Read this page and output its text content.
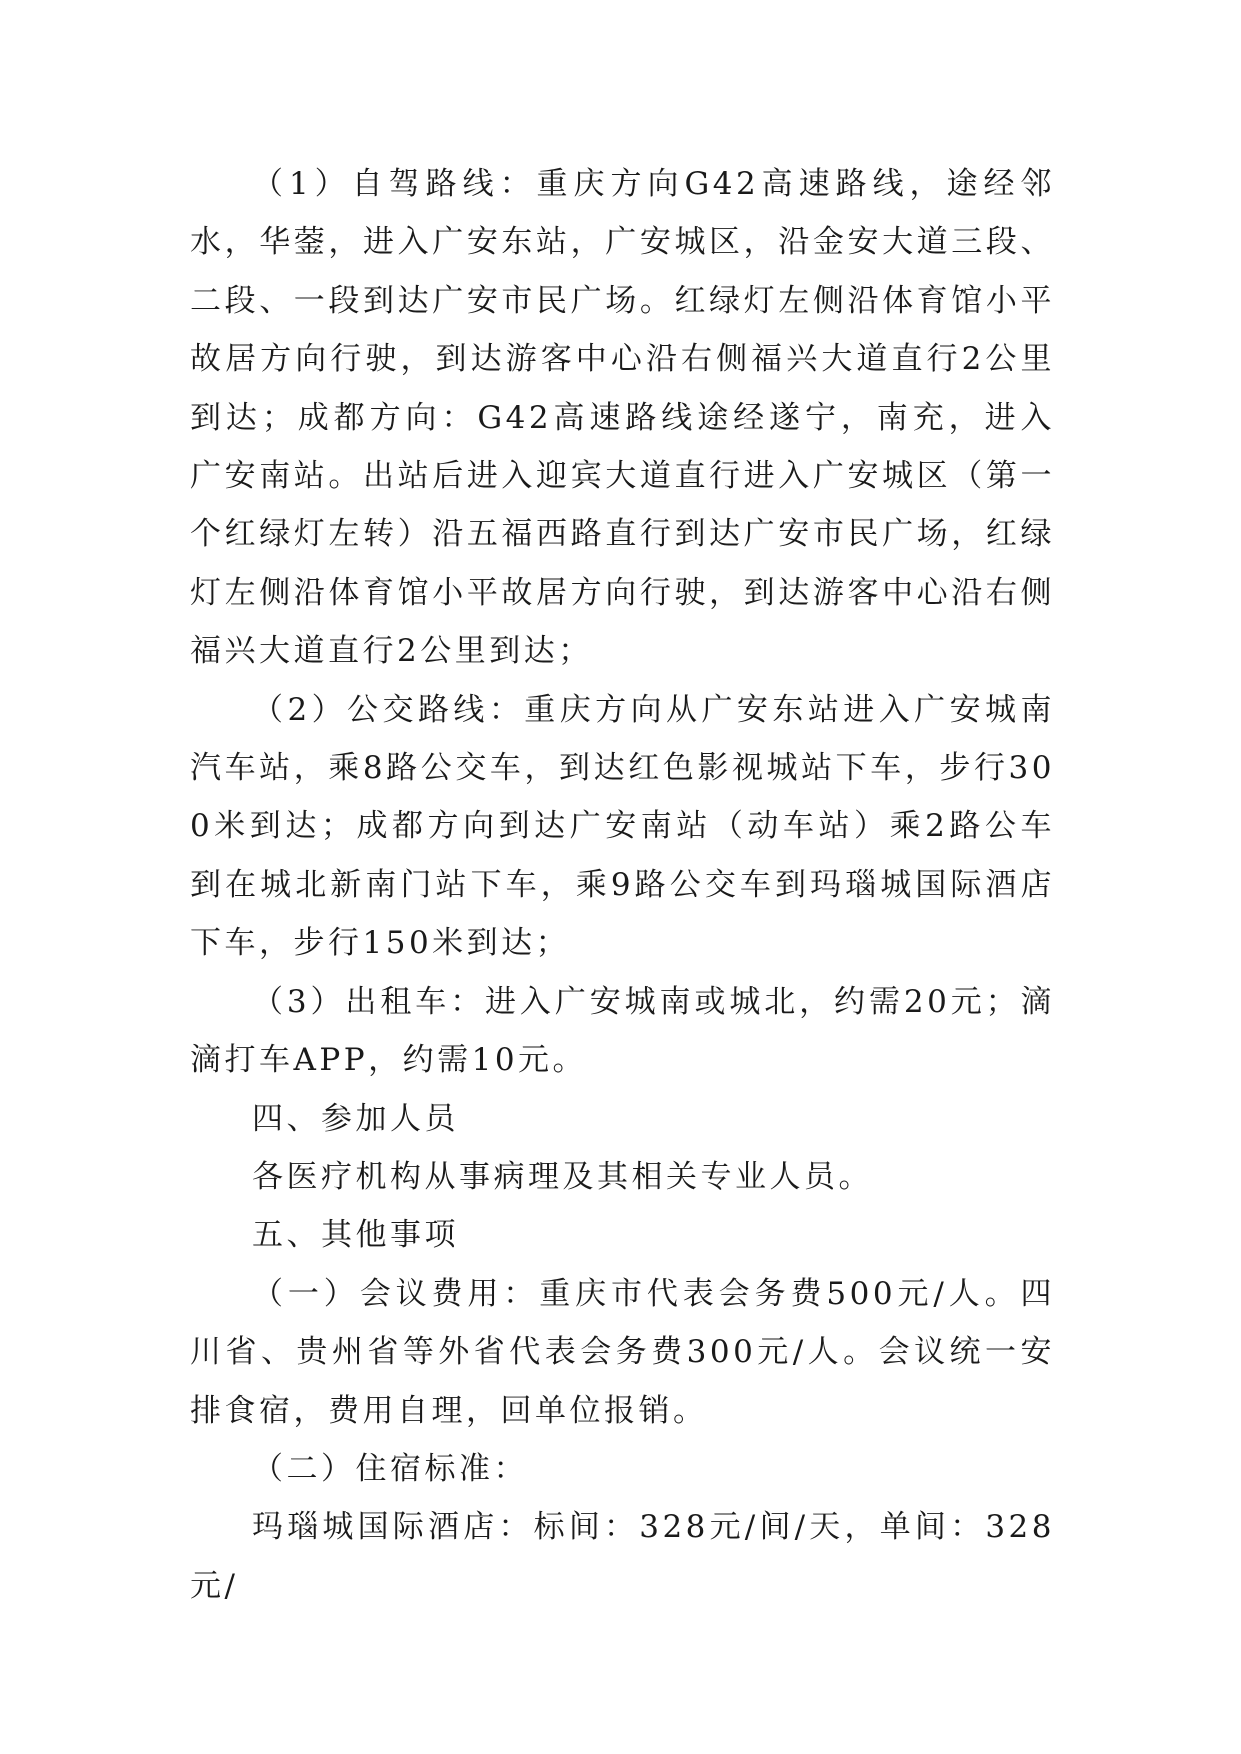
（1）自驾路线：重庆方向G42高速路线，途经邻水，华蓥，进入广安东站，广安城区，沿金安大道三段、二段、一段到达广安市民广场。红绿灯左侧沿体育馆小平故居方向行驶，到达游客中心沿右侧福兴大道直行2公里到达；成都方向：G42高速路线途经遂宁，南充，进入广安南站。出站后进入迎宾大道直行进入广安城区（第一个红绿灯左转）沿五福西路直行到达广安市民广场，红绿灯左侧沿体育馆小平故居方向行驶，到达游客中心沿右侧福兴大道直行2公里到达；

（2）公交路线：重庆方向从广安东站进入广安城南汽车站，乘8路公交车，到达红色影视城站下车，步行300米到达；成都方向到达广安南站（动车站）乘2路公车到在城北新南门站下车，乘9路公交车到玛瑙城国际酒店下车，步行150米到达；

（3）出租车：进入广安城南或城北，约需20元；滴滴打车APP，约需10元。

四、参加人员

各医疗机构从事病理及其相关专业人员。

五、其他事项

（一）会议费用：重庆市代表会务费500元/人。四川省、贵州省等外省代表会务费300元/人。会议统一安排食宿，费用自理，回单位报销。

（二）住宿标准：

玛瑙城国际酒店：标间：328元/间/天，单间：328元/
